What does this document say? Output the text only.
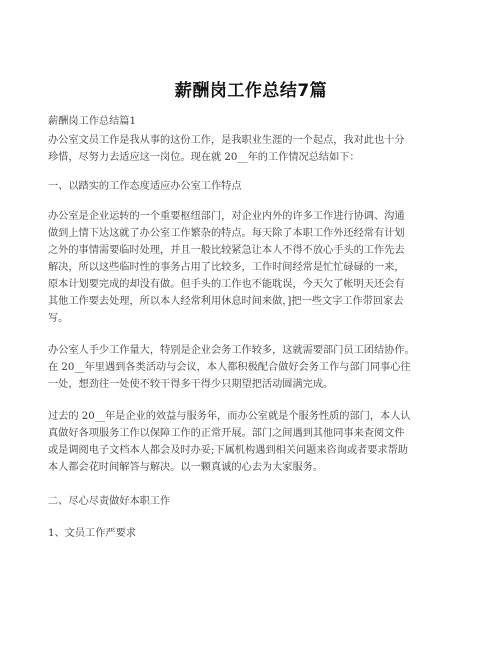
薪酬岗工作总结7篇
薪酬岗工作总结篇1
办公室文员工作是我从事的这份工作，是我职业生涯的一个起点，我对此也十分
珍惜，尽努力去适应这一岗位。现在就 20__年的工作情况总结如下：
一、以踏实的工作态度适应办公室工作特点
办公室是企业运转的一个重要枢纽部门，对企业内外的许多工作进行协调、沟通
做到上情下达这就了办公室工作繁杂的特点。每天除了本职工作外还经常有计划
之外的事情需要临时处理，并且一般比较紧急让本人不得不放心手头的工作先去
解决，所以这些临时性的事务占用了比较多，工作时间经常是忙忙碌碌的一来，
原本计划要完成的却没有做。但手头的工作也不能耽误，今天欠了帐明天还会有
其他工作要去处理，所以本人经常利用休息时间来做，]把一些文字工作带回家去
写。
办公室人手少工作量大，特别是企业会务工作较多，这就需要部门员工团结协作。
在 20__年里遇到各类活动与会议，本人都积极配合做好会务工作与部门同事心往
一处，想劲往一处使不较干得多干得少只期望把活动圆满完成。
过去的 20__年是企业的效益与服务年，而办公室就是个服务性质的部门，本人认
真做好各项服务工作以保障工作的正常开展。部门之间遇到其他同事来查阅文件
或是调阅电子文档本人都会及时办妥;下属机构遇到相关问题来咨询或者要求帮助
本人都会花时间解答与解决。以一颗真诚的心去为大家服务。
二、尽心尽责做好本职工作
1、文员工作严要求
